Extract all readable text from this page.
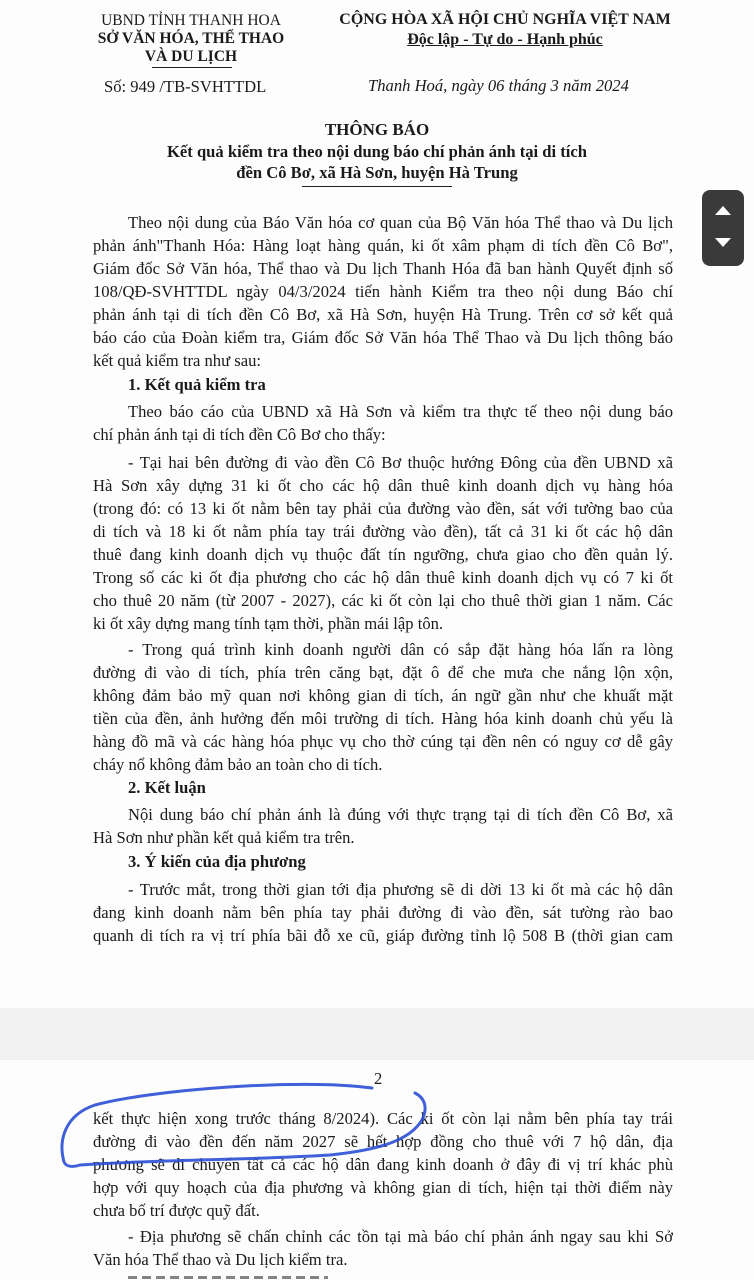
UBND TỈNH THANH HOA
SỞ VĂN HÓA, THỂ THAO
VÀ DU LỊCH
CỘNG HÒA XÃ HỘI CHỦ NGHĨA VIỆT NAM
Độc lập - Tự do - Hạnh phúc
Số: 949 /TB-SVHTTDL	Thanh Hoá, ngày 06 tháng 3 năm 2024
THÔNG BÁO
Kết quả kiểm tra theo nội dung báo chí phản ánh tại di tích
đền Cô Bơ, xã Hà Sơn, huyện Hà Trung
Theo nội dung của Báo Văn hóa cơ quan của Bộ Văn hóa Thể thao và Du lịch
phản ánh"Thanh Hóa: Hàng loạt hàng quán, ki ốt xâm phạm di tích đền Cô Bơ",
Giám đốc Sở Văn hóa, Thể thao và Du lịch Thanh Hóa đã ban hành Quyết định số
108/QĐ-SVHTTDL ngày 04/3/2024 tiến hành Kiểm tra theo nội dung Báo chí
phản ánh tại di tích đền Cô Bơ, xã Hà Sơn, huyện Hà Trung. Trên cơ sở kết quả
báo cáo của Đoàn kiểm tra, Giám đốc Sở Văn hóa Thể Thao và Du lịch thông báo
kết quả kiểm tra như sau:
1. Kết quả kiểm tra
Theo báo cáo của UBND xã Hà Sơn và kiểm tra thực tế theo nội dung báo
chí phản ánh tại di tích đền Cô Bơ cho thấy:
- Tại hai bên đường đi vào đền Cô Bơ thuộc hướng Đông của đền UBND xã
Hà Sơn xây dựng 31 ki ốt cho các hộ dân thuê kinh doanh dịch vụ hàng hóa
(trong đó: có 13 ki ốt nằm bên tay phải của đường vào đền, sát với tường bao của
di tích và 18 ki ốt nằm phía tay trái đường vào đền), tất cả 31 ki ốt các hộ dân
thuê đang kinh doanh dịch vụ thuộc đất tín ngưỡng, chưa giao cho đền quản lý.
Trong số các ki ốt địa phương cho các hộ dân thuê kinh doanh dịch vụ có 7 ki ốt
cho thuê 20 năm (từ 2007 - 2027), các ki ốt còn lại cho thuê thời gian 1 năm. Các
ki ốt xây dựng mang tính tạm thời, phần mái lập tôn.
- Trong quá trình kinh doanh người dân có sắp đặt hàng hóa lấn ra lòng
đường đi vào di tích, phía trên căng bạt, đặt ô để che mưa che nắng lộn xộn,
không đảm bảo mỹ quan nơi không gian di tích, án ngữ gần như che khuất mặt
tiền của đền, ảnh hưởng đến môi trường di tích. Hàng hóa kinh doanh chủ yếu là
hàng đồ mã và các hàng hóa phục vụ cho thờ cúng tại đền nên có nguy cơ dễ gây
cháy nổ không đảm bảo an toàn cho di tích.
2. Kết luận
Nội dung báo chí phản ánh là đúng với thực trạng tại di tích đền Cô Bơ, xã
Hà Sơn như phần kết quả kiểm tra trên.
3. Ý kiến của địa phương
- Trước mắt, trong thời gian tới địa phương sẽ di dời 13 ki ốt mà các hộ dân
đang kinh doanh nằm bên phía tay phải đường đi vào đền, sát tường rào bao
quanh di tích ra vị trí phía bãi đỗ xe cũ, giáp đường tỉnh lộ 508 B (thời gian cam
2
kết thực hiện xong trước tháng 8/2024). Các ki ốt còn lại nằm bên phía tay trái
đường đi vào đền đến năm 2027 sẽ hết hợp đồng cho thuê với 7 hộ dân, địa
phương sẽ di chuyển tất cả các hộ dân đang kinh doanh ở đây đi vị trí khác phù
hợp với quy hoạch của địa phương và không gian di tích, hiện tại thời điểm này
chưa bố trí được quỹ đất.
- Địa phương sẽ chấn chỉnh các tồn tại mà báo chí phản ánh ngay sau khi Sở
Văn hóa Thể thao và Du lịch kiểm tra.
